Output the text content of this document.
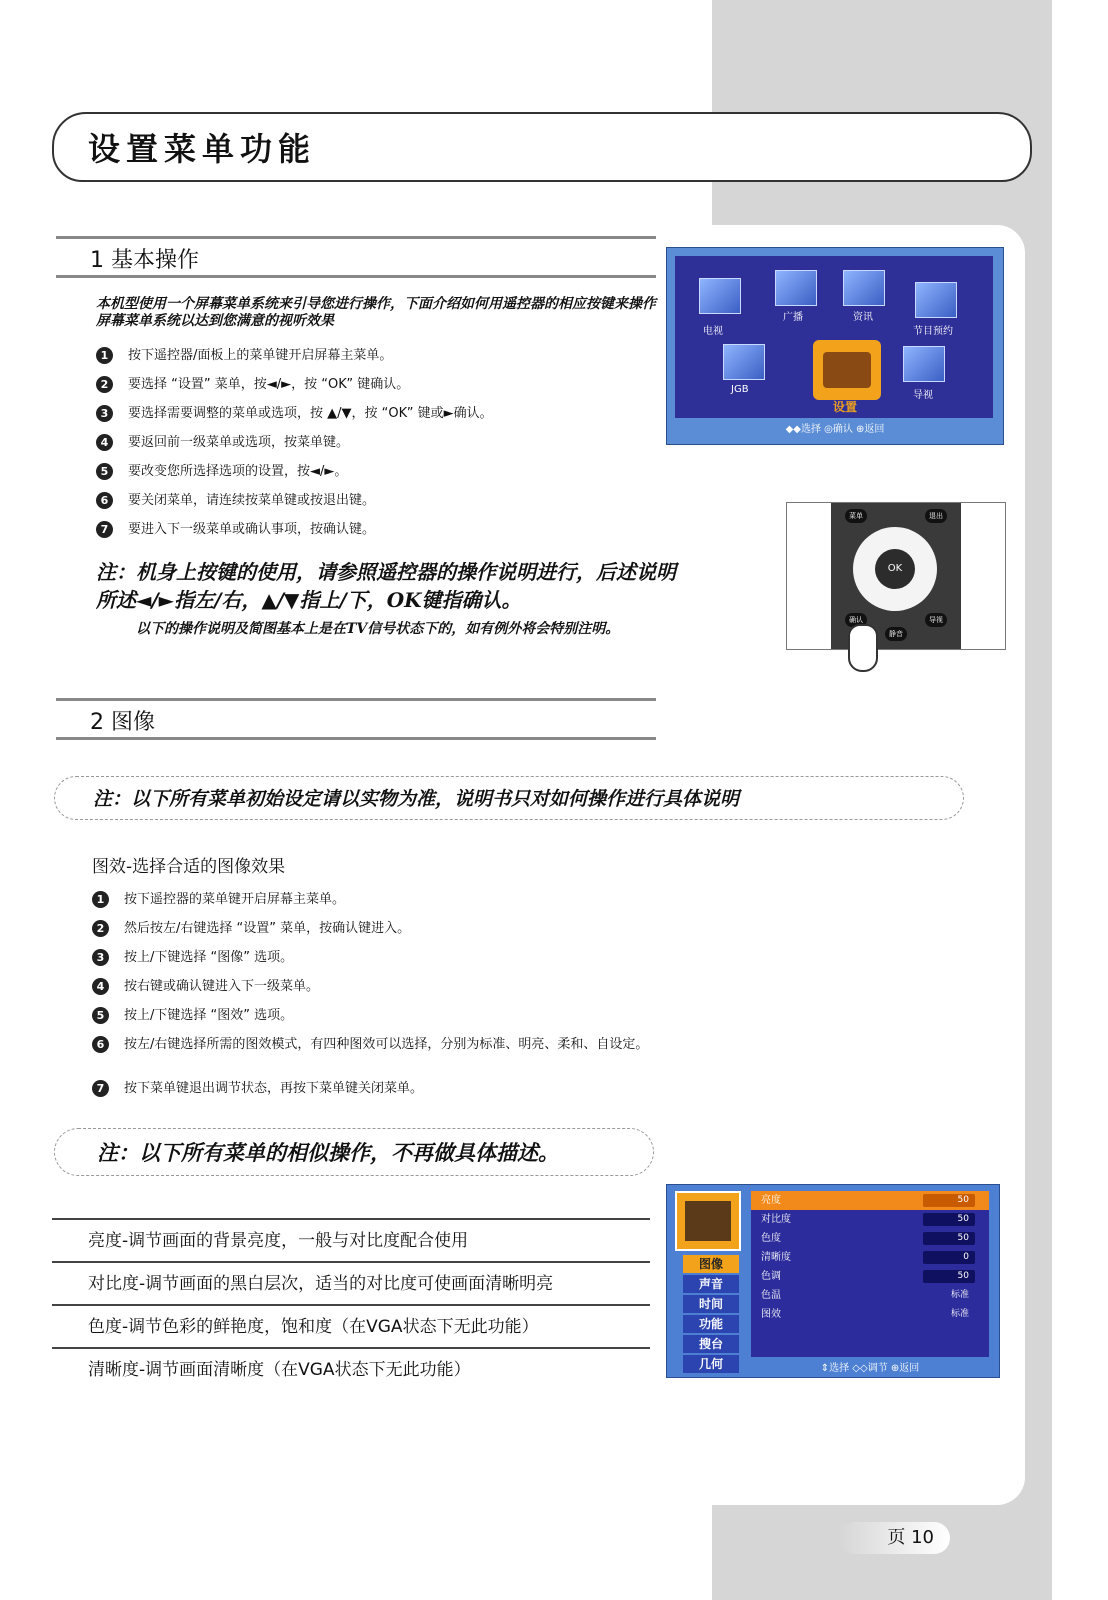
设置菜单功能
1 基本操作
本机型使用一个屏幕菜单系统来引导您进行操作，下面介绍如何用遥控器的相应按键来操作屏幕菜单系统以达到您满意的视听效果
1	按下遥控器/面板上的菜单键开启屏幕主菜单。
2	要选择 “设置” 菜单，按◄/►，按 “OK” 键确认。
3	要选择需要调整的菜单或选项，按 ▲/▼，按 “OK” 键或►确认。
4	要返回前一级菜单或选项，按菜单键。
5	要改变您所选择选项的设置，按◄/►。
6	要关闭菜单，请连续按菜单键或按退出键。
7	要进入下一级菜单或确认事项，按确认键。
注：机身上按键的使用，请参照遥控器的操作说明进行，后述说明所述◄/►指左/右，▲/▼指上/下，OK键指确认。
以下的操作说明及简图基本上是在TV信号状态下的，如有例外将会特别注明。
电视
广播	资讯
节目预约
JGB
设置
导视
◆◆选择 ◎确认 ⊕返回
菜单	退出
OK
确认
静音
导视
2 图像
注：以下所有菜单初始设定请以实物为准，说明书只对如何操作进行具体说明
图效-选择合适的图像效果
1	按下遥控器的菜单键开启屏幕主菜单。
2	然后按左/右键选择 “设置” 菜单，按确认键进入。
3	按上/下键选择 “图像” 选项。
4	按右键或确认键进入下一级菜单。
5	按上/下键选择 “图效” 选项。
6	按左/右键选择所需的图效模式，有四种图效可以选择，分别为标准、明亮、柔和、自设定。
7	按下菜单键退出调节状态，再按下菜单键关闭菜单。
注：以下所有菜单的相似操作，不再做具体描述。
亮度-调节画面的背景亮度，一般与对比度配合使用
对比度-调节画面的黑白层次，适当的对比度可使画面清晰明亮
色度-调节色彩的鲜艳度，饱和度（在VGA状态下无此功能）
清晰度-调节画面清晰度（在VGA状态下无此功能）
图像
声音
时间
功能
搜台
几何
亮度	50
对比度	50
色度	50
清晰度	0
色调	50
色温	标准
图效	标准
⇕选择 ◇◇调节 ⊕返回
页 10
